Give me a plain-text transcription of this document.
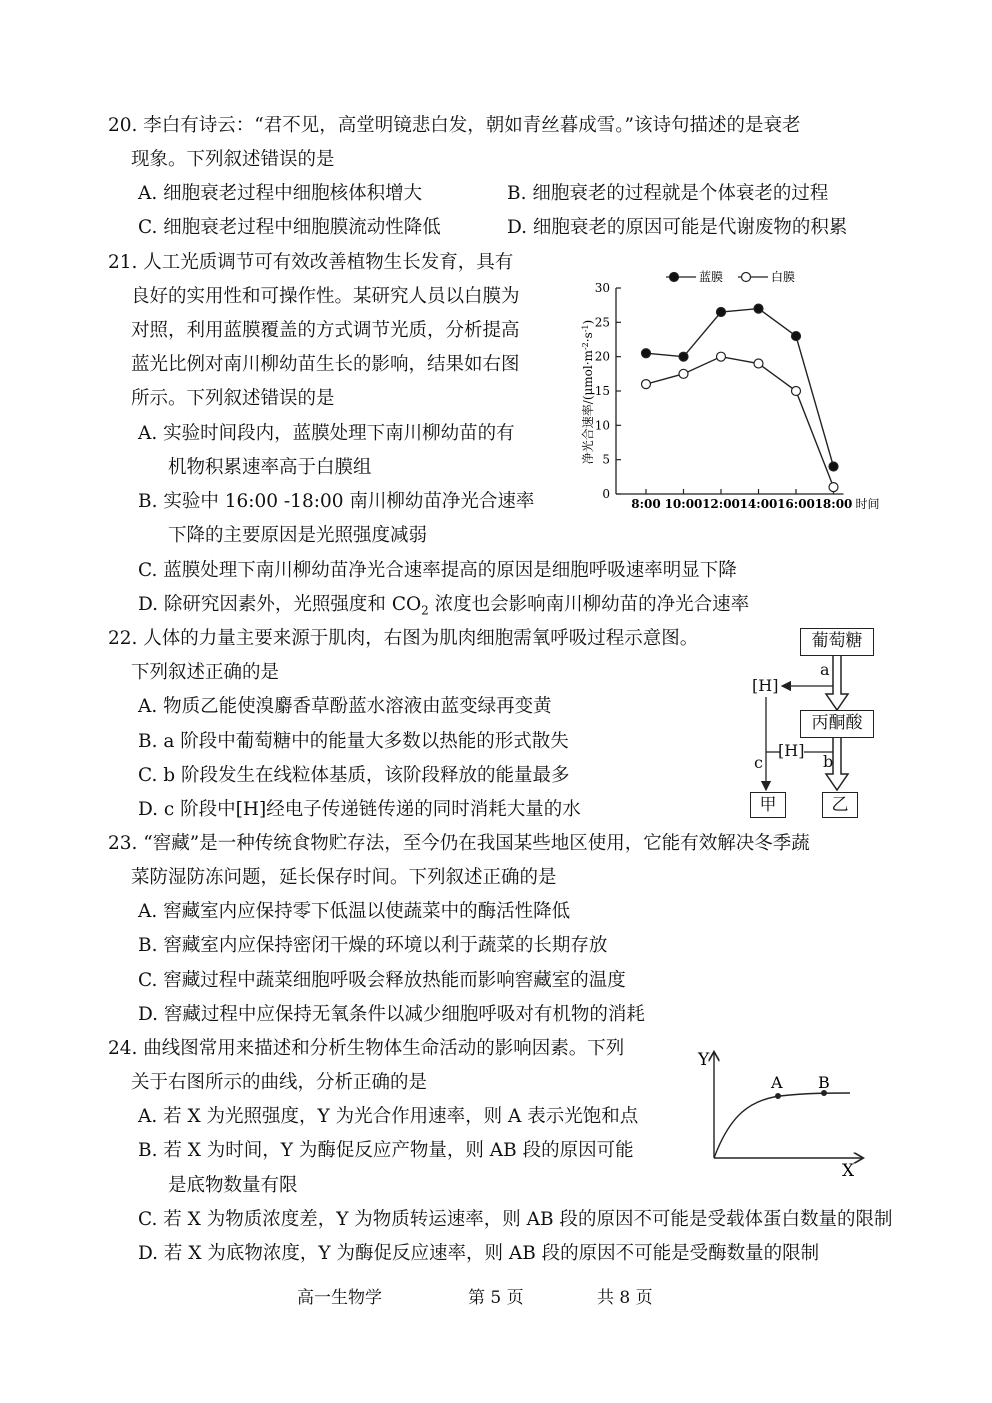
20. 李白有诗云：“君不见，高堂明镜悲白发，朝如青丝暮成雪。”该诗句描述的是衰老
现象。下列叙述错误的是
A. 细胞衰老过程中细胞核体积增大	B. 细胞衰老的过程就是个体衰老的过程
C. 细胞衰老过程中细胞膜流动性降低	D. 细胞衰老的原因可能是代谢废物的积累
21. 人工光质调节可有效改善植物生长发育，具有
良好的实用性和可操作性。某研究人员以白膜为
对照，利用蓝膜覆盖的方式调节光质，分析提高
蓝光比例对南川柳幼苗生长的影响，结果如右图
所示。下列叙述错误的是
A. 实验时间段内，蓝膜处理下南川柳幼苗的有
机物积累速率高于白膜组
B. 实验中 16:00 -18:00 南川柳幼苗净光合速率
下降的主要原因是光照强度减弱
C. 蓝膜处理下南川柳幼苗净光合速率提高的原因是细胞呼吸速率明显下降
D. 除研究因素外，光照强度和 $CO_2$ 浓度也会影响南川柳幼苗的净光合速率
0
5
10
15
20
25
30
8:00 10:00 12:00 14:00 16:00 18:00 时间
蓝膜	白膜
净光合速率$/(\mu mol\cdot m^{-2}\cdot s^{-1})$
22. 人体的力量主要来源于肌肉，右图为肌肉细胞需氧呼吸过程示意图。
下列叙述正确的是
A. 物质乙能使溴麝香草酚蓝水溶液由蓝变绿再变黄
B. a 阶段中葡萄糖中的能量大多数以热能的形式散失
C. b 阶段发生在线粒体基质，该阶段释放的能量最多
D. c 阶段中[H]经电子传递链传递的同时消耗大量的水
葡萄糖
丙酮酸
甲	乙
a
b
c
[H]
[H]
23. “窖藏”是一种传统食物贮存法，至今仍在我国某些地区使用，它能有效解决冬季蔬
菜防湿防冻问题，延长保存时间。下列叙述正确的是
A. 窖藏室内应保持零下低温以使蔬菜中的酶活性降低
B. 窖藏室内应保持密闭干燥的环境以利于蔬菜的长期存放
C. 窖藏过程中蔬菜细胞呼吸会释放热能而影响窖藏室的温度
D. 窖藏过程中应保持无氧条件以减少细胞呼吸对有机物的消耗
24. 曲线图常用来描述和分析生物体生命活动的影响因素。下列
关于右图所示的曲线，分析正确的是
A. 若 X 为光照强度，Y 为光合作用速率，则 A 表示光饱和点
B. 若 X 为时间，Y 为酶促反应产物量，则 AB 段的原因可能
是底物数量有限
C. 若 X 为物质浓度差，Y 为物质转运速率，则 AB 段的原因不可能是受载体蛋白数量的限制
D. 若 X 为底物浓度，Y 为酶促反应速率，则 AB 段的原因不可能是受酶数量的限制
Y
X
A B
高一生物学	第 5 页	共 8 页
